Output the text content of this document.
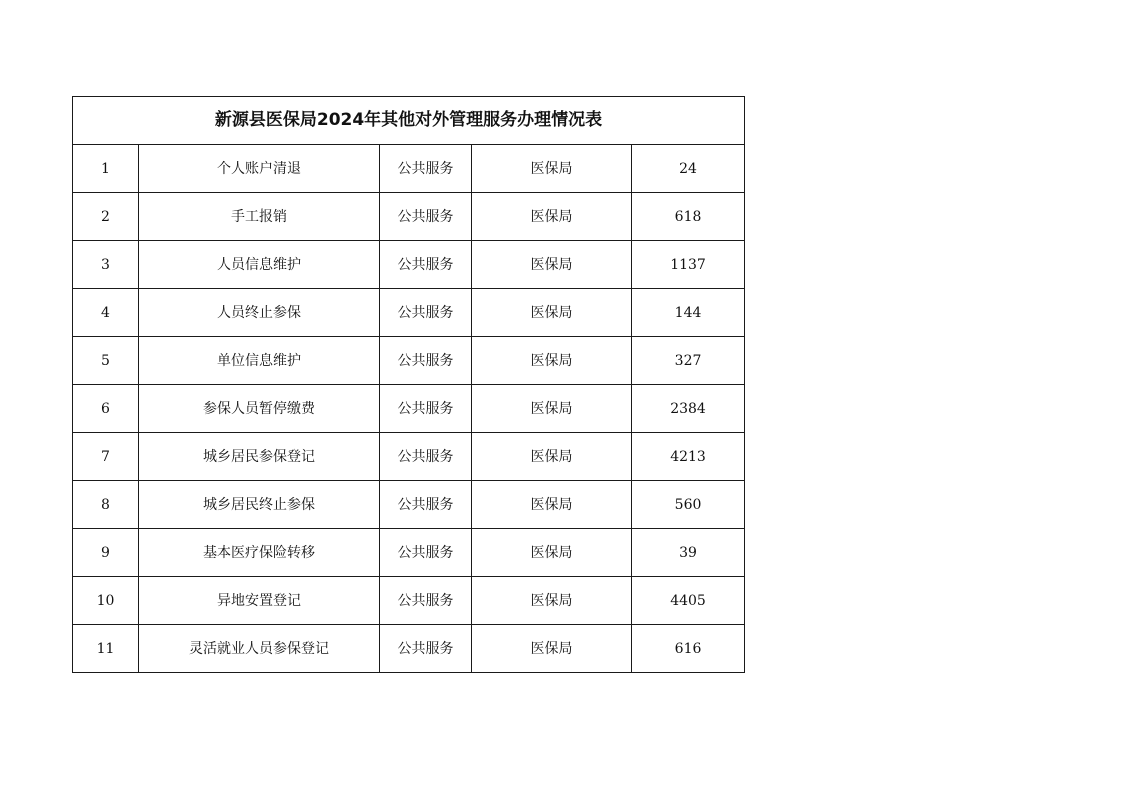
新源县医保局2024年其他对外管理服务办理情况表				
1	个人账户清退	公共服务	医保局	24
2	手工报销	公共服务	医保局	618
3	人员信息维护	公共服务	医保局	1137
4	人员终止参保	公共服务	医保局	144
5	单位信息维护	公共服务	医保局	327
6	参保人员暂停缴费	公共服务	医保局	2384
7	城乡居民参保登记	公共服务	医保局	4213
8	城乡居民终止参保	公共服务	医保局	560
9	基本医疗保险转移	公共服务	医保局	39
10	异地安置登记	公共服务	医保局	4405
11	灵活就业人员参保登记	公共服务	医保局	616
